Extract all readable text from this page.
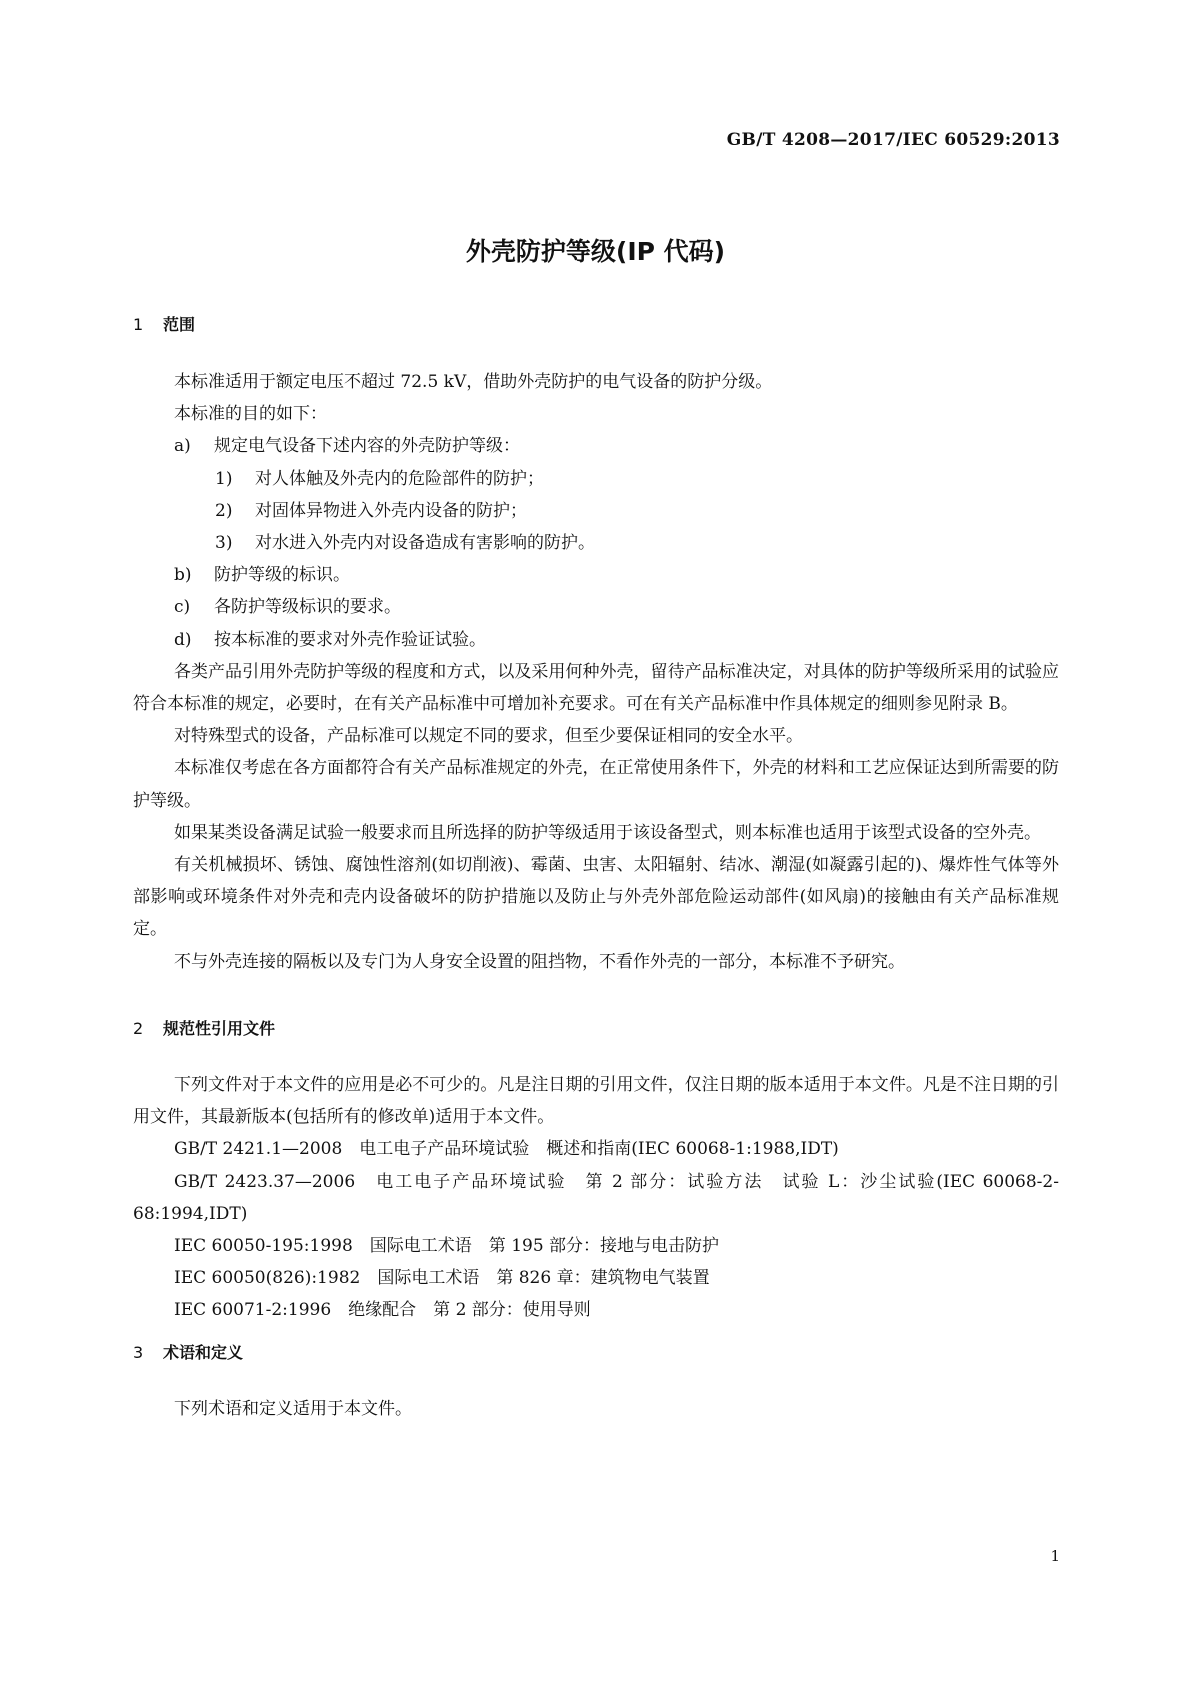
GB/T 4208—2017/IEC 60529:2013
外壳防护等级(IP 代码)
1 范围

本标准适用于额定电压不超过 72.5 kV，借助外壳防护的电气设备的防护分级。

本标准的目的如下：

a) 规定电气设备下述内容的外壳防护等级：

1) 对人体触及外壳内的危险部件的防护；

2) 对固体异物进入外壳内设备的防护；

3) 对水进入外壳内对设备造成有害影响的防护。

b) 防护等级的标识。

c) 各防护等级标识的要求。

d) 按本标准的要求对外壳作验证试验。

各类产品引用外壳防护等级的程度和方式，以及采用何种外壳，留待产品标准决定，对具体的防护等级所采用的试验应符合本标准的规定，必要时，在有关产品标准中可增加补充要求。可在有关产品标准中作具体规定的细则参见附录 B。

对特殊型式的设备，产品标准可以规定不同的要求，但至少要保证相同的安全水平。

本标准仅考虑在各方面都符合有关产品标准规定的外壳，在正常使用条件下，外壳的材料和工艺应保证达到所需要的防护等级。

如果某类设备满足试验一般要求而且所选择的防护等级适用于该设备型式，则本标准也适用于该型式设备的空外壳。

有关机械损坏、锈蚀、腐蚀性溶剂(如切削液)、霉菌、虫害、太阳辐射、结冰、潮湿(如凝露引起的)、爆炸性气体等外部影响或环境条件对外壳和壳内设备破坏的防护措施以及防止与外壳外部危险运动部件(如风扇)的接触由有关产品标准规定。

不与外壳连接的隔板以及专门为人身安全设置的阻挡物，不看作外壳的一部分，本标准不予研究。

2 规范性引用文件

下列文件对于本文件的应用是必不可少的。凡是注日期的引用文件，仅注日期的版本适用于本文件。凡是不注日期的引用文件，其最新版本(包括所有的修改单)适用于本文件。

GB/T 2421.1—2008　电工电子产品环境试验　概述和指南(IEC 60068-1:1988,IDT)

GB/T 2423.37—2006　电工电子产品环境试验　第 2 部分：试验方法　试验 L：沙尘试验(IEC 60068-2-68:1994,IDT)

IEC 60050-195:1998　国际电工术语　第 195 部分：接地与电击防护

IEC 60050(826):1982　国际电工术语　第 826 章：建筑物电气装置

IEC 60071-2:1996　绝缘配合　第 2 部分：使用导则

3 术语和定义

下列术语和定义适用于本文件。

1
